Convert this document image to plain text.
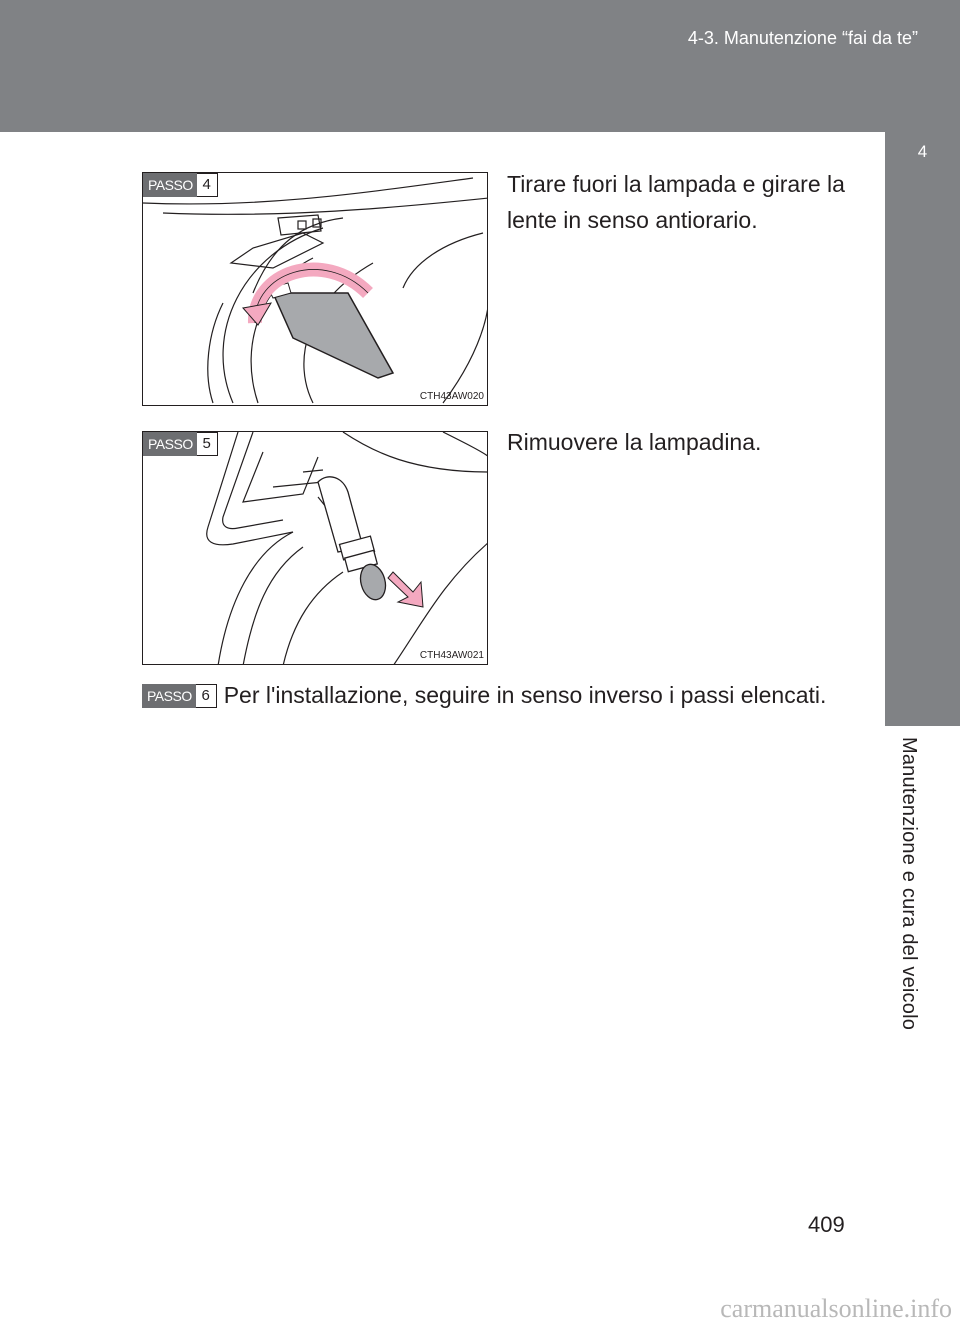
4-3. Manutenzione “fai da te”
4
Manutenzione e cura del veicolo
PASSO 4
CTH43AW020
Tirare fuori la lampada e girare la lente in senso antiorario.
PASSO 5
CTH43AW021
Rimuovere la lampadina.
PASSO 6 Per l'installazione, seguire in senso inverso i passi elencati.
409
carmanualsonline.info
